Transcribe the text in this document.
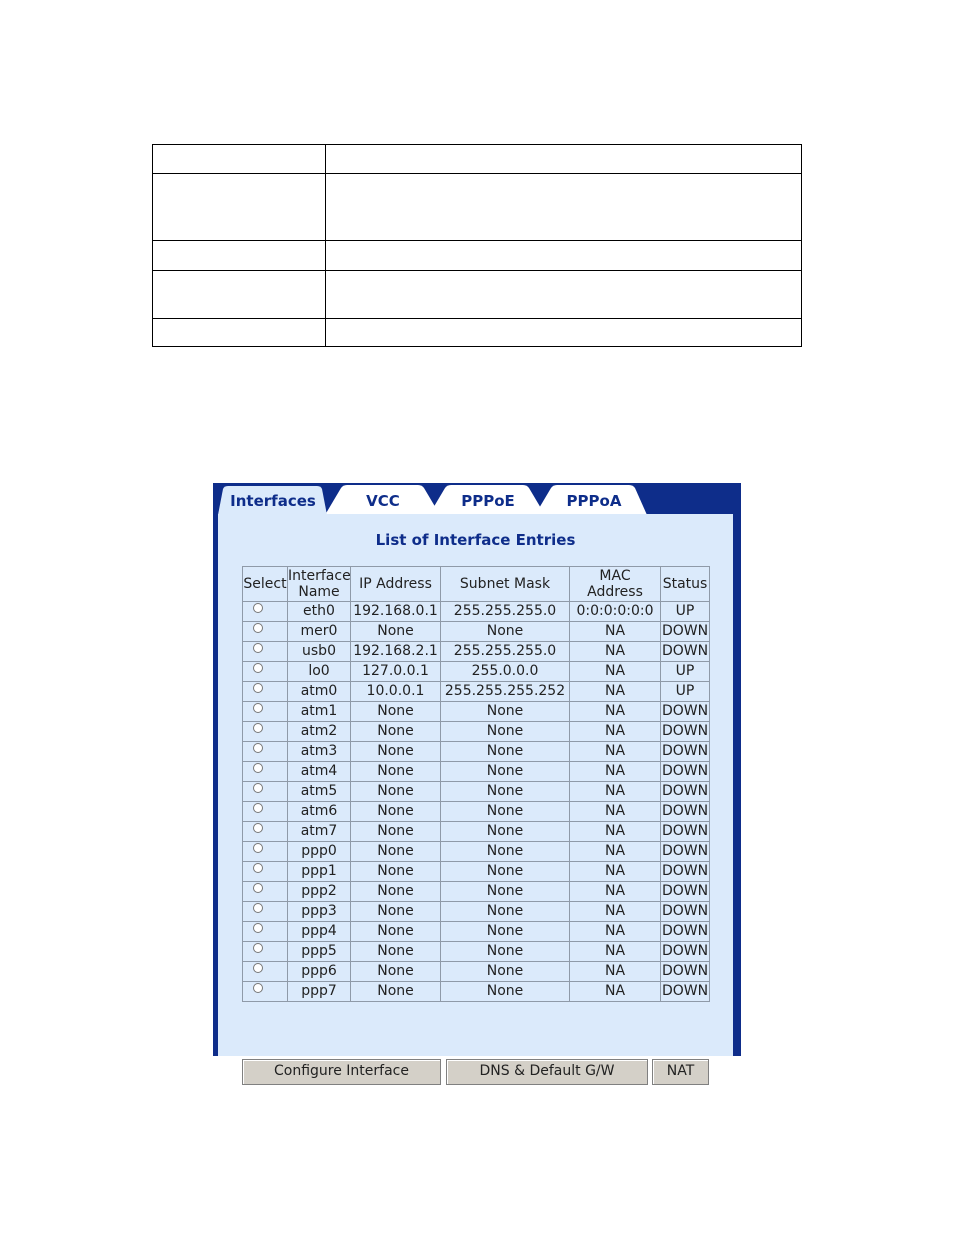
Interfaces	VCC	PPPoE	PPPoA
List of Interface Entries
Select	Interface Name	IP Address	Subnet Mask	MAC Address	Status
	eth0	192.168.0.1	255.255.255.0	0:0:0:0:0:0	UP
	mer0	None	None	NA	DOWN
	usb0	192.168.2.1	255.255.255.0	NA	DOWN
	lo0	127.0.0.1	255.0.0.0	NA	UP
	atm0	10.0.0.1	255.255.255.252	NA	UP
	atm1	None	None	NA	DOWN
	atm2	None	None	NA	DOWN
	atm3	None	None	NA	DOWN
	atm4	None	None	NA	DOWN
	atm5	None	None	NA	DOWN
	atm6	None	None	NA	DOWN
	atm7	None	None	NA	DOWN
	ppp0	None	None	NA	DOWN
	ppp1	None	None	NA	DOWN
	ppp2	None	None	NA	DOWN
	ppp3	None	None	NA	DOWN
	ppp4	None	None	NA	DOWN
	ppp5	None	None	NA	DOWN
	ppp6	None	None	NA	DOWN
	ppp7	None	None	NA	DOWN
Configure Interface	DNS & Default G/W	NAT
